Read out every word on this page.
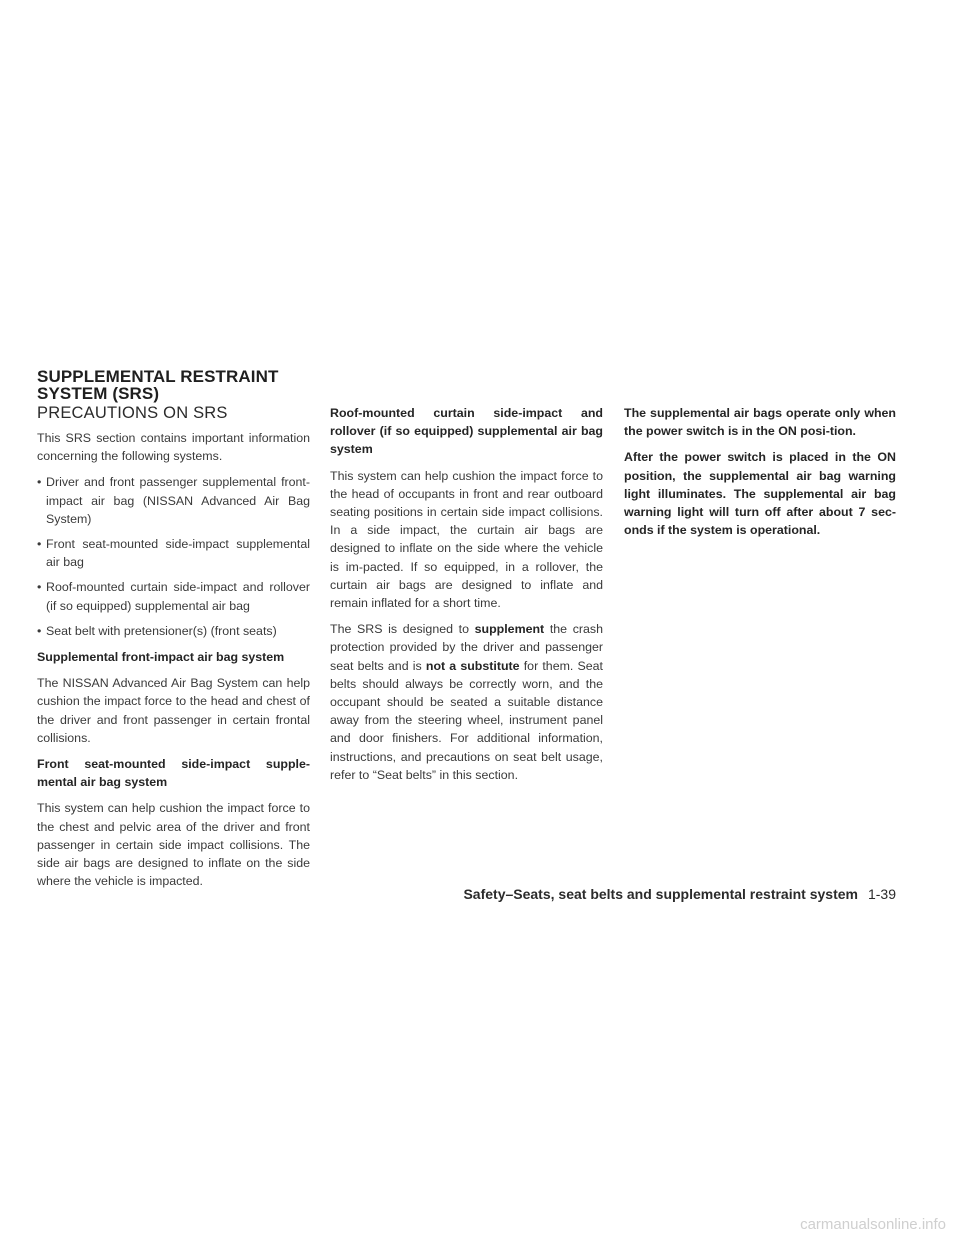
SUPPLEMENTAL RESTRAINT
SYSTEM (SRS)
PRECAUTIONS ON SRS

This SRS section contains important information concerning the following systems.

• Driver and front passenger supplemental front-impact air bag (NISSAN Advanced Air Bag System)
• Front seat-mounted side-impact supplemental air bag
• Roof-mounted curtain side-impact and rollover (if so equipped) supplemental air bag
• Seat belt with pretensioner(s) (front seats)

Supplemental front-impact air bag system

The NISSAN Advanced Air Bag System can help cushion the impact force to the head and chest of the driver and front passenger in certain frontal collisions.

Front seat-mounted side-impact supple-mental air bag system

This system can help cushion the impact force to the chest and pelvic area of the driver and front passenger in certain side impact collisions. The side air bags are designed to inflate on the side where the vehicle is impacted.

Roof-mounted curtain side-impact and rollover (if so equipped) supplemental air bag system

This system can help cushion the impact force to the head of occupants in front and rear outboard seating positions in certain side impact collisions. In a side impact, the curtain air bags are designed to inflate on the side where the vehicle is im-pacted. If so equipped, in a rollover, the curtain air bags are designed to inflate and remain inflated for a short time.

The SRS is designed to supplement the crash protection provided by the driver and passenger seat belts and is not a substitute for them. Seat belts should always be correctly worn, and the occupant should be seated a suitable distance away from the steering wheel, instrument panel and door finishers. For additional information, instructions, and precautions on seat belt usage, refer to “Seat belts” in this section.

The supplemental air bags operate only when the power switch is in the ON posi-tion.

After the power switch is placed in the ON position, the supplemental air bag warning light illuminates. The supplemental air bag warning light will turn off after about 7 sec-onds if the system is operational.

Safety–Seats, seat belts and supplemental restraint system 1-39
carmanualsonline.info
